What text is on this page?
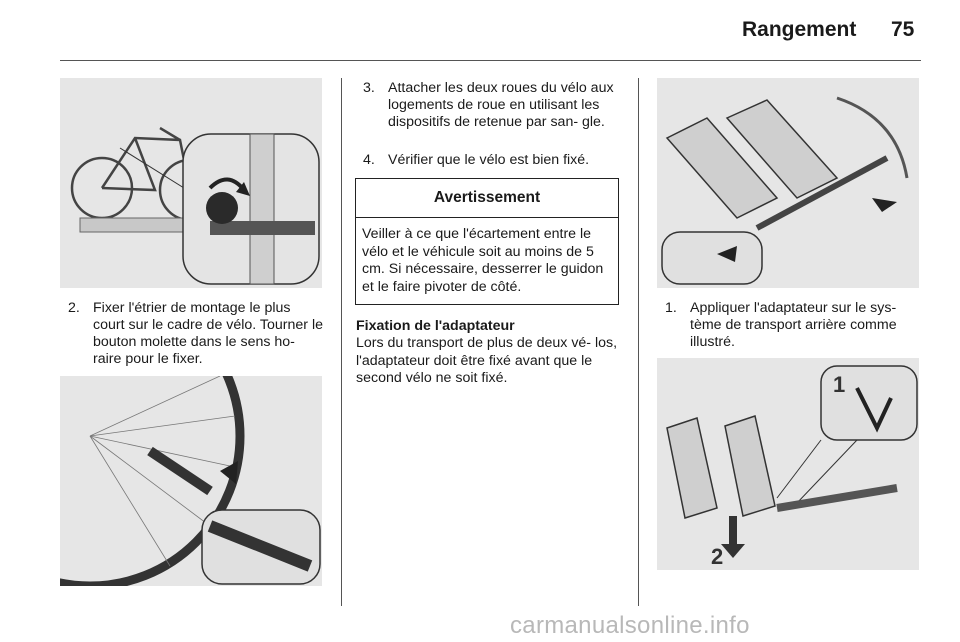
Rangement 75
2. Fixer l'étrier de montage le plus court sur le cadre de vélo. Tourner le bouton molette dans le sens ho- raire pour le fixer.
3. Attacher les deux roues du vélo aux logements de roue en utilisant les dispositifs de retenue par san- gle.
4. Vérifier que le vélo est bien fixé.
Avertissement
Veiller à ce que l'écartement entre le vélo et le véhicule soit au moins de 5 cm. Si nécessaire, desserrer le guidon et le faire pivoter de côté.
Fixation de l'adaptateur
Lors du transport de plus de deux vé- los, l'adaptateur doit être fixé avant que le second vélo ne soit fixé.
1. Appliquer l'adaptateur sur le sys- tème de transport arrière comme illustré.
1
2
carmanualsonline.info
